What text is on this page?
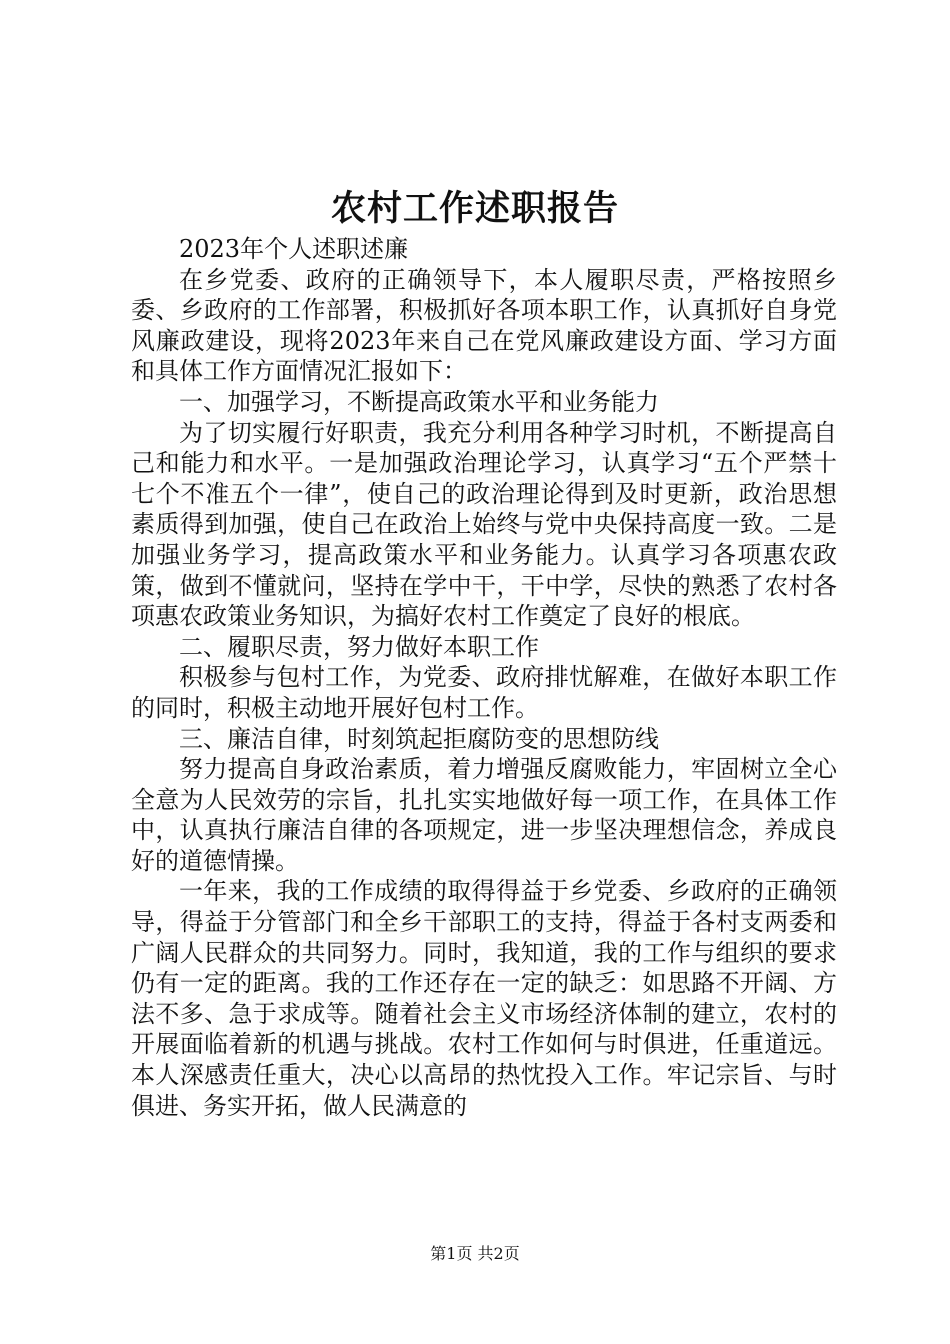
农村工作述职报告

2023年个人述职述廉

在乡党委、政府的正确领导下，本人履职尽责，严格按照乡委、乡政府的工作部署，积极抓好各项本职工作，认真抓好自身党风廉政建设，现将2023年来自己在党风廉政建设方面、学习方面和具体工作方面情况汇报如下：

一、加强学习，不断提高政策水平和业务能力

为了切实履行好职责，我充分利用各种学习时机，不断提高自己和能力和水平。一是加强政治理论学习，认真学习“五个严禁十七个不准五个一律”，使自己的政治理论得到及时更新，政治思想素质得到加强，使自己在政治上始终与党中央保持高度一致。二是加强业务学习，提高政策水平和业务能力。认真学习各项惠农政策，做到不懂就问，坚持在学中干，干中学，尽快的熟悉了农村各项惠农政策业务知识，为搞好农村工作奠定了良好的根底。

二、履职尽责，努力做好本职工作

积极参与包村工作，为党委、政府排忧解难，在做好本职工作的同时，积极主动地开展好包村工作。

三、廉洁自律，时刻筑起拒腐防变的思想防线

努力提高自身政治素质，着力增强反腐败能力，牢固树立全心全意为人民效劳的宗旨，扎扎实实地做好每一项工作，在具体工作中，认真执行廉洁自律的各项规定，进一步坚决理想信念，养成良好的道德情操。

一年来，我的工作成绩的取得得益于乡党委、乡政府的正确领导，得益于分管部门和全乡干部职工的支持，得益于各村支两委和广阔人民群众的共同努力。同时，我知道，我的工作与组织的要求仍有一定的距离。我的工作还存在一定的缺乏：如思路不开阔、方法不多、急于求成等。随着社会主义市场经济体制的建立，农村的开展面临着新的机遇与挑战。农村工作如何与时俱进，任重道远。本人深感责任重大，决心以高昂的热忱投入工作。牢记宗旨、与时俱进、务实开拓，做人民满意的

第1页 共2页
